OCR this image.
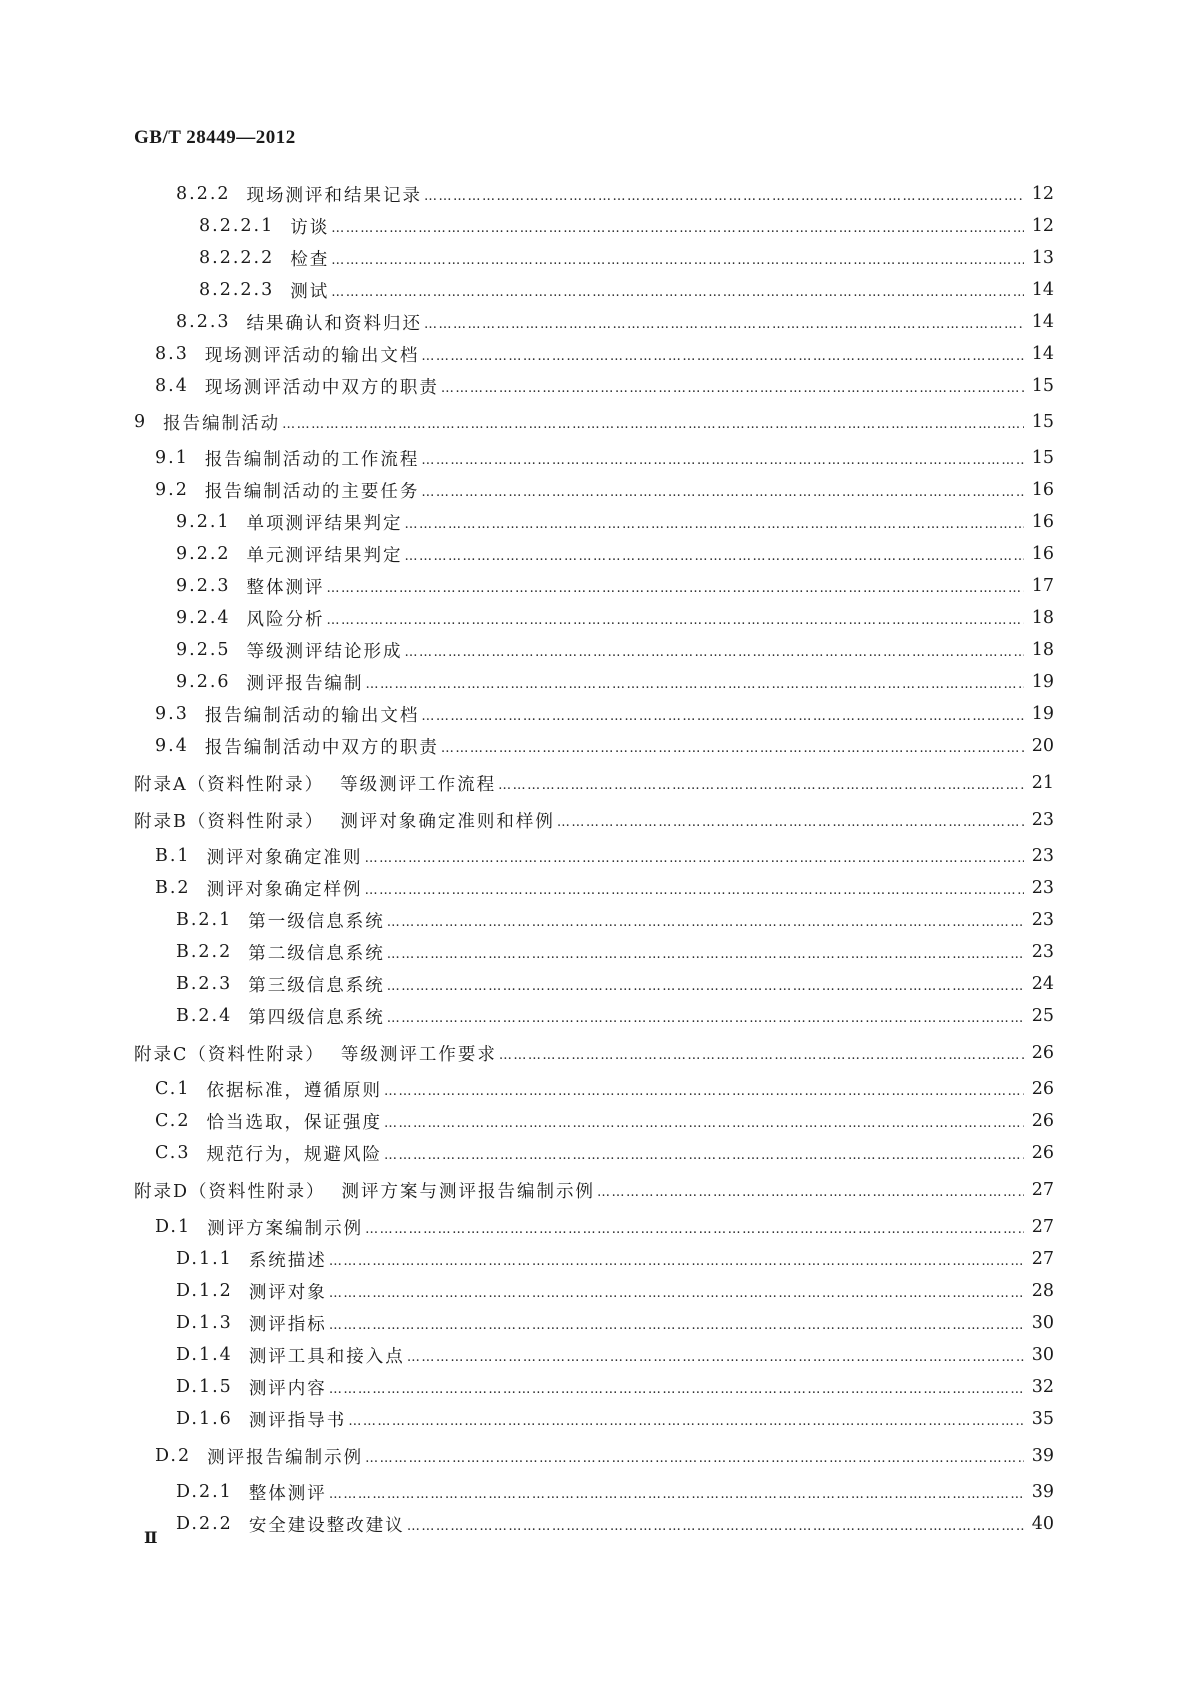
GB/T 28449—2012
8.2.2 现场测评和结果记录 …………………………………………………………………………………………………………………………………………………………………………………………………………………………………………………………………………………………………………………	12
8.2.2.1 访谈 …………………………………………………………………………………………………………………………………………………………………………………………………………………………………………………………………………………………………………………	12
8.2.2.2 检查 …………………………………………………………………………………………………………………………………………………………………………………………………………………………………………………………………………………………………………………	13
8.2.2.3 测试 …………………………………………………………………………………………………………………………………………………………………………………………………………………………………………………………………………………………………………………	14
8.2.3 结果确认和资料归还 …………………………………………………………………………………………………………………………………………………………………………………………………………………………………………………………………………………………………………………	14
8.3 现场测评活动的输出文档 …………………………………………………………………………………………………………………………………………………………………………………………………………………………………………………………………………………………………………………	14
8.4 现场测评活动中双方的职责 …………………………………………………………………………………………………………………………………………………………………………………………………………………………………………………………………………………………………………………	15
9 报告编制活动 …………………………………………………………………………………………………………………………………………………………………………………………………………………………………………………………………………………………………………………	15
9.1 报告编制活动的工作流程 …………………………………………………………………………………………………………………………………………………………………………………………………………………………………………………………………………………………………………………	15
9.2 报告编制活动的主要任务 …………………………………………………………………………………………………………………………………………………………………………………………………………………………………………………………………………………………………………………	16
9.2.1 单项测评结果判定 …………………………………………………………………………………………………………………………………………………………………………………………………………………………………………………………………………………………………………………	16
9.2.2 单元测评结果判定 …………………………………………………………………………………………………………………………………………………………………………………………………………………………………………………………………………………………………………………	16
9.2.3 整体测评 …………………………………………………………………………………………………………………………………………………………………………………………………………………………………………………………………………………………………………………	17
9.2.4 风险分析 …………………………………………………………………………………………………………………………………………………………………………………………………………………………………………………………………………………………………………………	18
9.2.5 等级测评结论形成 …………………………………………………………………………………………………………………………………………………………………………………………………………………………………………………………………………………………………………………	18
9.2.6 测评报告编制 …………………………………………………………………………………………………………………………………………………………………………………………………………………………………………………………………………………………………………………	19
9.3 报告编制活动的输出文档 …………………………………………………………………………………………………………………………………………………………………………………………………………………………………………………………………………………………………………………	19
9.4 报告编制活动中双方的职责 …………………………………………………………………………………………………………………………………………………………………………………………………………………………………………………………………………………………………………………	20
附录A（资料性附录） 等级测评工作流程 …………………………………………………………………………………………………………………………………………………………………………………………………………………………………………………………………………………………………………………	21
附录B（资料性附录） 测评对象确定准则和样例 …………………………………………………………………………………………………………………………………………………………………………………………………………………………………………………………………………………………………………………	23
B.1 测评对象确定准则 …………………………………………………………………………………………………………………………………………………………………………………………………………………………………………………………………………………………………………………	23
B.2 测评对象确定样例 …………………………………………………………………………………………………………………………………………………………………………………………………………………………………………………………………………………………………………………	23
B.2.1 第一级信息系统 …………………………………………………………………………………………………………………………………………………………………………………………………………………………………………………………………………………………………………………	23
B.2.2 第二级信息系统 …………………………………………………………………………………………………………………………………………………………………………………………………………………………………………………………………………………………………………………	23
B.2.3 第三级信息系统 …………………………………………………………………………………………………………………………………………………………………………………………………………………………………………………………………………………………………………………	24
B.2.4 第四级信息系统 …………………………………………………………………………………………………………………………………………………………………………………………………………………………………………………………………………………………………………………	25
附录C（资料性附录） 等级测评工作要求 …………………………………………………………………………………………………………………………………………………………………………………………………………………………………………………………………………………………………………………	26
C.1 依据标准，遵循原则 …………………………………………………………………………………………………………………………………………………………………………………………………………………………………………………………………………………………………………………	26
C.2 恰当选取，保证强度 …………………………………………………………………………………………………………………………………………………………………………………………………………………………………………………………………………………………………………………	26
C.3 规范行为，规避风险 …………………………………………………………………………………………………………………………………………………………………………………………………………………………………………………………………………………………………………………	26
附录D（资料性附录） 测评方案与测评报告编制示例 …………………………………………………………………………………………………………………………………………………………………………………………………………………………………………………………………………………………………………………	27
D.1 测评方案编制示例 …………………………………………………………………………………………………………………………………………………………………………………………………………………………………………………………………………………………………………………	27
D.1.1 系统描述 …………………………………………………………………………………………………………………………………………………………………………………………………………………………………………………………………………………………………………………	27
D.1.2 测评对象 …………………………………………………………………………………………………………………………………………………………………………………………………………………………………………………………………………………………………………………	28
D.1.3 测评指标 …………………………………………………………………………………………………………………………………………………………………………………………………………………………………………………………………………………………………………………	30
D.1.4 测评工具和接入点 …………………………………………………………………………………………………………………………………………………………………………………………………………………………………………………………………………………………………………………	30
D.1.5 测评内容 …………………………………………………………………………………………………………………………………………………………………………………………………………………………………………………………………………………………………………………	32
D.1.6 测评指导书 …………………………………………………………………………………………………………………………………………………………………………………………………………………………………………………………………………………………………………………	35
D.2 测评报告编制示例 …………………………………………………………………………………………………………………………………………………………………………………………………………………………………………………………………………………………………………………	39
D.2.1 整体测评 …………………………………………………………………………………………………………………………………………………………………………………………………………………………………………………………………………………………………………………	39
D.2.2 安全建设整改建议 …………………………………………………………………………………………………………………………………………………………………………………………………………………………………………………………………………………………………………………	40
Ⅱ
